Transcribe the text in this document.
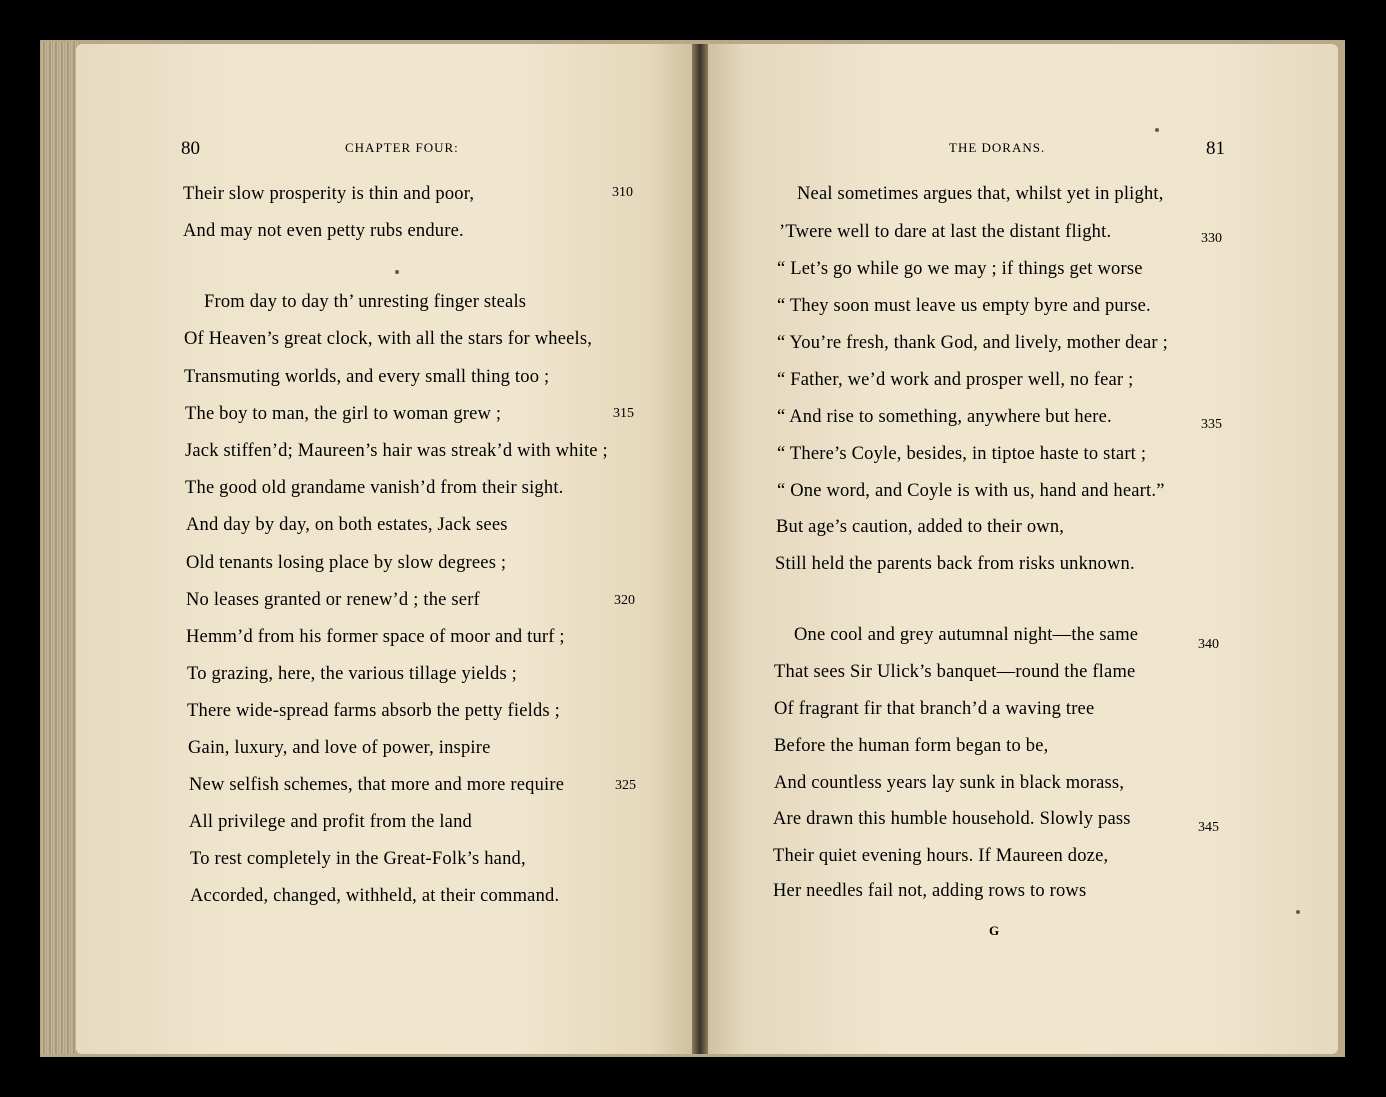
80	CHAPTER FOUR:
Their slow prosperity is thin and poor,
And may not even petty rubs endure.
From day to day th’ unresting finger steals
Of Heaven’s great clock, with all the stars for wheels,
Transmuting worlds, and every small thing too ;
The boy to man, the girl to woman grew ;
Jack stiffen’d; Maureen’s hair was streak’d with white ;
The good old grandame vanish’d from their sight.
And day by day, on both estates, Jack sees
Old tenants losing place by slow degrees ;
No leases granted or renew’d ; the serf
Hemm’d from his former space of moor and turf ;
To grazing, here, the various tillage yields ;
There wide-spread farms absorb the petty fields ;
Gain, luxury, and love of power, inspire
New selfish schemes, that more and more require
All privilege and profit from the land
To rest completely in the Great-Folk’s hand,
Accorded, changed, withheld, at their command.
310
315
320
325
THE DORANS.	81
Neal sometimes argues that, whilst yet in plight,
’Twere well to dare at last the distant flight.
“ Let’s go while go we may ; if things get worse
“ They soon must leave us empty byre and purse.
“ You’re fresh, thank God, and lively, mother dear ;
“ Father, we’d work and prosper well, no fear ;
“ And rise to something, anywhere but here.
“ There’s Coyle, besides, in tiptoe haste to start ;
“ One word, and Coyle is with us, hand and heart.”
But age’s caution, added to their own,
Still held the parents back from risks unknown.
One cool and grey autumnal night—the same
That sees Sir Ulick’s banquet—round the flame
Of fragrant fir that branch’d a waving tree
Before the human form began to be,
And countless years lay sunk in black morass,
Are drawn this humble household. Slowly pass
Their quiet evening hours. If Maureen doze,
Her needles fail not, adding rows to rows
330
335
340
345
G
